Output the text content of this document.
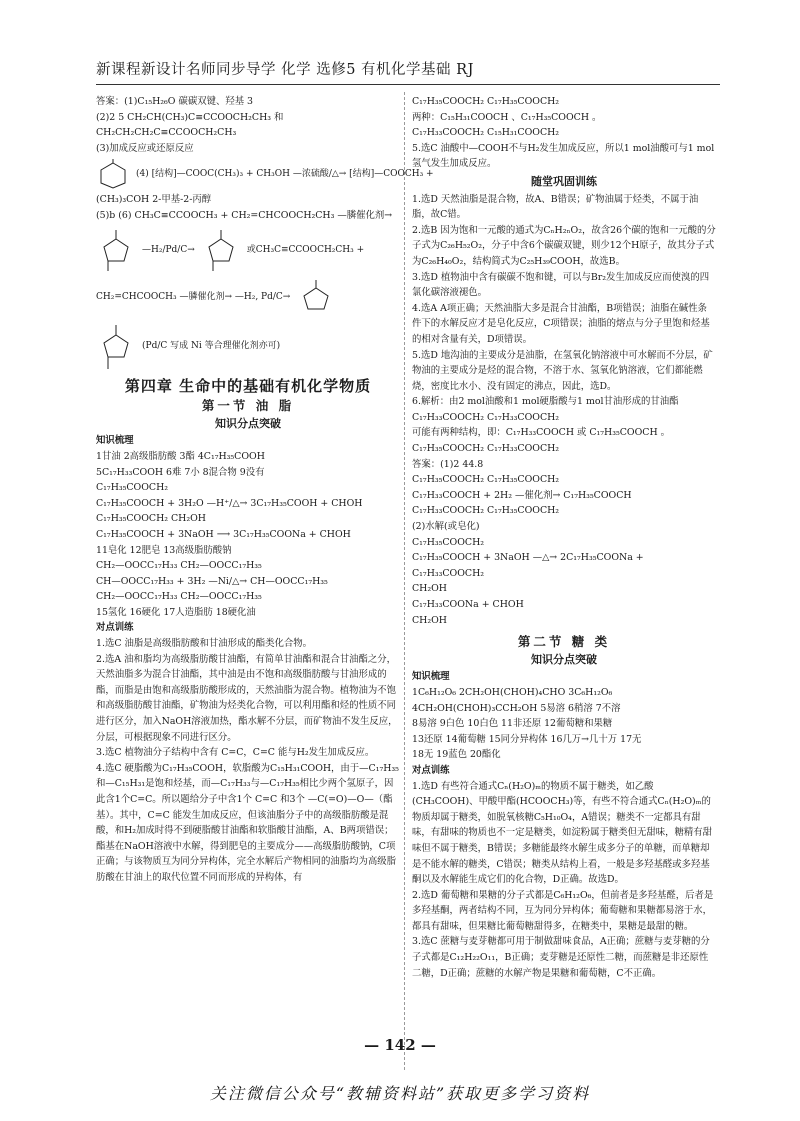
新课程新设计名师同步导学 化学 选修5 有机化学基础 RJ
答案：(1)C₁₅H₂₆O 碳碳双键、羟基 3
(2)2 5 CH₂CH(CH₃)C≡CCOOCH₂CH₃ 和
CH₂CH₂CH₂C≡CCOOCH₂CH₃
(3)加成反应或还原反应
(4) [结构]—COOC(CH₃)₃ + CH₃OH —浓硫酸/△→ [结构]—COOCH₃ +
(CH₃)₃COH 2-甲基-2-丙醇
(5)b (6) CH₃C≡CCOOCH₃ + CH₂=CHCOOCH₂CH₃ —膦催化剂→
—H₂/Pd/C→	或CH₃C≡CCOOCH₂CH₃ +
CH₂=CHCOOCH₃ —膦催化剂→ —H₂, Pd/C→
(Pd/C 写成 Ni 等合理催化剂亦可)
第四章 生命中的基础有机化学物质
第一节 油 脂
知识分点突破
知识梳理
1甘油 2高级脂肪酸 3酯 4C₁₇H₃₅COOH
5C₁₇H₃₃COOH 6难 7小 8混合物 9没有
C₁₇H₃₅COOCH₂
C₁₇H₃₅COOCH + 3H₂O —H⁺/△→ 3C₁₇H₃₅COOH + CHOH
C₁₇H₃₅COOCH₂ CH₂OH
C₁₇H₃₅COOCH + 3NaOH ⟶ 3C₁₇H₃₅COONa + CHOH
11皂化 12肥皂 13高级脂肪酸钠
CH₂—OOCC₁₇H₃₃ CH₂—OOCC₁₇H₃₅
CH—OOCC₁₇H₃₃ + 3H₂ —Ni/△→ CH—OOCC₁₇H₃₅
CH₂—OOCC₁₇H₃₃ CH₂—OOCC₁₇H₃₅
15氢化 16硬化 17人造脂肪 18硬化油
对点训练
1.选C 油脂是高级脂肪酸和甘油形成的酯类化合物。
2.选A 油和脂均为高级脂肪酸甘油酯，有简单甘油酯和混合甘油酯之分，天然油脂多为混合甘油酯，其中油是由不饱和高级脂肪酸与甘油形成的酯，而脂是由饱和高级脂肪酸形成的，天然油脂为混合物。植物油为不饱和高级脂肪酸甘油酯，矿物油为烃类化合物，可以利用酯和烃的性质不同进行区分，加入NaOH溶液加热，酯水解不分层，而矿物油不发生反应，分层，可根据现象不同进行区分。
3.选C 植物油分子结构中含有 C=C，C=C 能与H₂发生加成反应。
4.选C 硬脂酸为C₁₇H₃₅COOH，软脂酸为C₁₅H₃₁COOH，由于—C₁₇H₃₅和—C₁₅H₃₁是饱和烃基，而—C₁₇H₃₃与—C₁₇H₃₅相比少两个氢原子，因此含1个C=C。所以题给分子中含1个 C=C 和3个 —C(=O)—O—（酯基）。其中，C=C 能发生加成反应，但该油脂分子中的高级脂肪酸是混酸，和H₂加成时得不到硬脂酸甘油酯和软脂酸甘油酯，A、B两项错误；酯基在NaOH溶液中水解，得到肥皂的主要成分——高级脂肪酸钠，C项正确；与该物质互为同分异构体，完全水解后产物相同的油脂均为高级脂肪酸在甘油上的取代位置不同而形成的异构体，有
C₁₇H₃₅COOCH₂ C₁₇H₃₅COOCH₂
两种：C₁₅H₃₁COOCH 、C₁₇H₃₅COOCH 。
C₁₇H₃₃COOCH₂ C₁₅H₃₁COOCH₂
5.选C 油酸中—COOH不与H₂发生加成反应，所以1 mol油酸可与1 mol氢气发生加成反应。
随堂巩固训练
1.选D 天然油脂是混合物，故A、B错误；矿物油属于烃类，不属于油脂，故C错。
2.选B 因为饱和一元酸的通式为CₙH₂ₙO₂，故含26个碳的饱和一元酸的分子式为C₂₆H₅₂O₂，分子中含6个碳碳双键，则少12个H原子，故其分子式为C₂₆H₄₀O₂，结构简式为C₂₅H₃₉COOH，故选B。
3.选D 植物油中含有碳碳不饱和键，可以与Br₂发生加成反应而使溴的四氯化碳溶液褪色。
4.选A A项正确；天然油脂大多是混合甘油酯，B项错误；油脂在碱性条件下的水解反应才是皂化反应，C项错误；油脂的熔点与分子里饱和烃基的相对含量有关，D项错误。
5.选D 地沟油的主要成分是油脂，在氢氧化钠溶液中可水解而不分层，矿物油的主要成分是烃的混合物，不溶于水、氢氧化钠溶液，它们都能燃烧，密度比水小、没有固定的沸点，因此，选D。
6.解析：由2 mol油酸和1 mol硬脂酸与1 mol甘油形成的甘油酯
C₁₇H₃₃COOCH₂ C₁₇H₃₃COOCH₂
可能有两种结构，即：C₁₇H₃₃COOCH 或 C₁₇H₃₅COOCH 。
C₁₇H₃₅COOCH₂ C₁₇H₃₃COOCH₂
答案：(1)2 44.8
C₁₇H₃₅COOCH₂ C₁₇H₃₅COOCH₂
C₁₇H₃₃COOCH + 2H₂ —催化剂→ C₁₇H₃₅COOCH
C₁₇H₃₃COOCH₂ C₁₇H₃₅COOCH₂
(2)水解(或皂化)
C₁₇H₃₅COOCH₂
C₁₇H₃₅COOCH + 3NaOH —△→ 2C₁₇H₃₅COONa +
C₁₇H₃₃COOCH₂
CH₂OH
C₁₇H₃₃COONa + CHOH
CH₂OH
第二节 糖 类
知识分点突破
知识梳理
1C₆H₁₂O₆ 2CH₂OH(CHOH)₄CHO 3C₆H₁₂O₆
4CH₂OH(CHOH)₃CCH₂OH 5易溶 6稍溶 7不溶
8易溶 9白色 10白色 11非还原 12葡萄糖和果糖
13还原 14葡萄糖 15同分异构体 16几万→几十万 17无
18无 19蓝色 20酯化
对点训练
1.选D 有些符合通式Cₙ(H₂O)ₘ的物质不属于糖类，如乙酸(CH₃COOH)、甲酸甲酯(HCOOCH₃)等，有些不符合通式Cₙ(H₂O)ₘ的物质却属于糖类，如脱氧核糖C₅H₁₀O₄，A错误；糖类不一定都具有甜味，有甜味的物质也不一定是糖类，如淀粉属于糖类但无甜味，糖精有甜味但不属于糖类，B错误；多糖能最终水解生成多分子的单糖，而单糖却是不能水解的糖类，C错误；糖类从结构上看，一般是多羟基醛或多羟基酮以及水解能生成它们的化合物，D正确。故选D。
2.选D 葡萄糖和果糖的分子式都是C₆H₁₂O₆，但前者是多羟基醛，后者是多羟基酮，两者结构不同，互为同分异构体；葡萄糖和果糖都易溶于水，都具有甜味，但果糖比葡萄糖甜得多，在糖类中，果糖是最甜的糖。
3.选C 蔗糖与麦芽糖都可用于制做甜味食品，A正确；蔗糖与麦芽糖的分子式都是C₁₂H₂₂O₁₁，B正确；麦芽糖是还原性二糖，而蔗糖是非还原性二糖，D正确；蔗糖的水解产物是果糖和葡萄糖，C不正确。
— 142 —
关注微信公众号“教辅资料站”获取更多学习资料
